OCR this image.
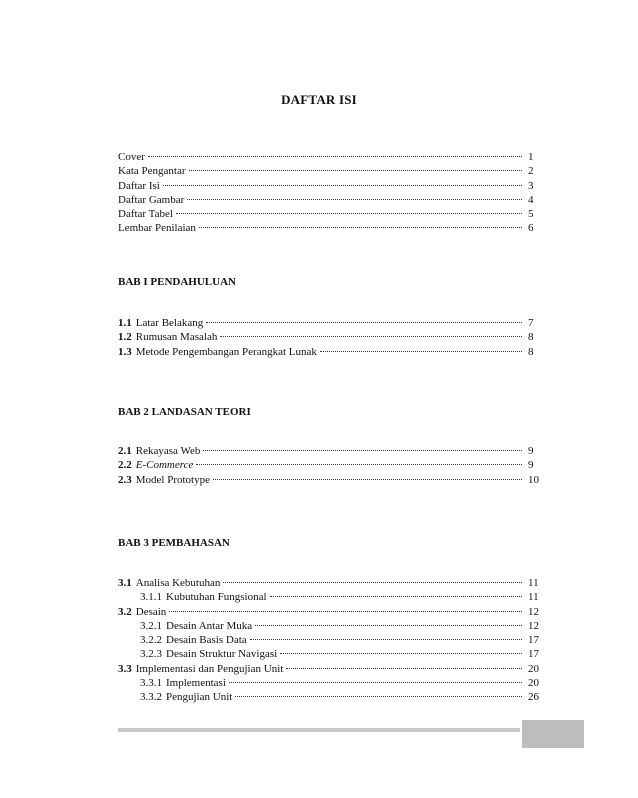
DAFTAR ISI
Cover	1
Kata Pengantar	2
Daftar Isi	3
Daftar Gambar	4
Daftar Tabel	5
Lembar Penilaian	6
BAB I PENDAHULUAN
1.1 Latar Belakang	7
1.2 Rumusan Masalah	8
1.3 Metode Pengembangan Perangkat Lunak	8
BAB 2 LANDASAN TEORI
2.1 Rekayasa Web	9
2.2 E-Commerce	9
2.3 Model Prototype	10
BAB 3 PEMBAHASAN
3.1 Analisa Kebutuhan	11
3.1.1 Kubutuhan Fungsional	11
3.2 Desain	12
3.2.1 Desain Antar Muka	12
3.2.2 Desain Basis Data	17
3.2.3 Desain Struktur Navigasi	17
3.3 Implementasi dan Pengujian Unit	20
3.3.1 Implementasi	20
3.3.2 Pengujian Unit	26
